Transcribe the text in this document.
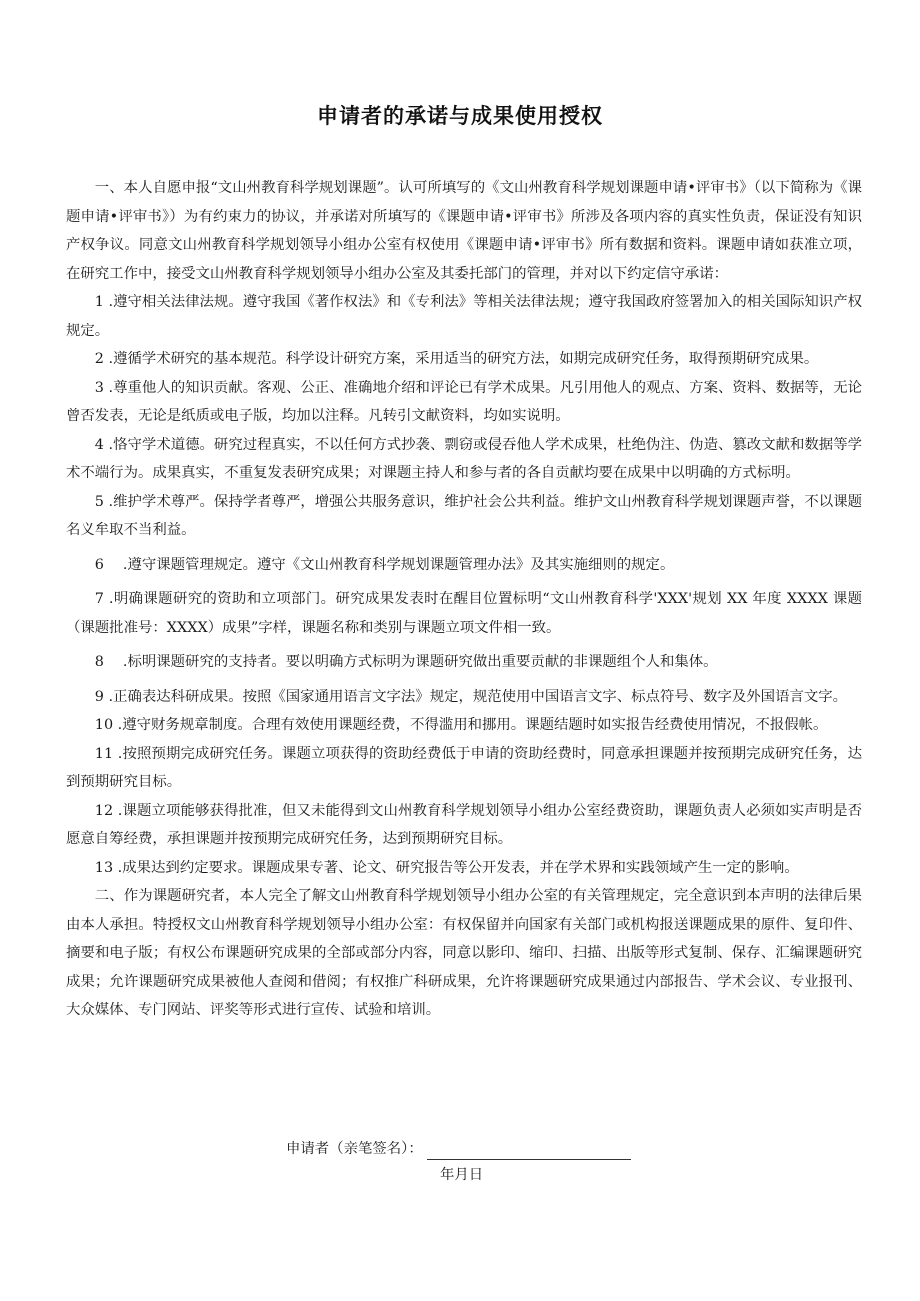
申请者的承诺与成果使用授权

一、本人自愿申报“文山州教育科学规划课题”。认可所填写的《文山州教育科学规划课题申请•评审书》（以下简称为《课题申请•评审书》）为有约束力的协议，并承诺对所填写的《课题申请•评审书》所涉及各项内容的真实性负责，保证没有知识产权争议。同意文山州教育科学规划领导小组办公室有权使用《课题申请•评审书》所有数据和资料。课题申请如获准立项，在研究工作中，接受文山州教育科学规划领导小组办公室及其委托部门的管理，并对以下约定信守承诺：

1 .遵守相关法律法规。遵守我国《著作权法》和《专利法》等相关法律法规；遵守我国政府签署加入的相关国际知识产权规定。

2 .遵循学术研究的基本规范。科学设计研究方案，采用适当的研究方法，如期完成研究任务，取得预期研究成果。

3 .尊重他人的知识贡献。客观、公正、准确地介绍和评论已有学术成果。凡引用他人的观点、方案、资料、数据等，无论曾否发表，无论是纸质或电子版，均加以注释。凡转引文献资料，均如实说明。

4 .恪守学术道德。研究过程真实，不以任何方式抄袭、剽窃或侵吞他人学术成果，杜绝伪注、伪造、篡改文献和数据等学术不端行为。成果真实，不重复发表研究成果；对课题主持人和参与者的各自贡献均要在成果中以明确的方式标明。

5 .维护学术尊严。保持学者尊严，增强公共服务意识，维护社会公共利益。维护文山州教育科学规划课题声誉，不以课题名义牟取不当利益。

6 　.遵守课题管理规定。遵守《文山州教育科学规划课题管理办法》及其实施细则的规定。

7 .明确课题研究的资助和立项部门。研究成果发表时在醒目位置标明“文山州教育科学'XXX'规划 XX 年度 XXXX 课题（课题批准号：XXXX）成果”字样，课题名称和类别与课题立项文件相一致。

8 　.标明课题研究的支持者。要以明确方式标明为课题研究做出重要贡献的非课题组个人和集体。

9 .正确表达科研成果。按照《国家通用语言文字法》规定，规范使用中国语言文字、标点符号、数字及外国语言文字。

10 .遵守财务规章制度。合理有效使用课题经费，不得滥用和挪用。课题结题时如实报告经费使用情况，不报假帐。

11 .按照预期完成研究任务。课题立项获得的资助经费低于申请的资助经费时，同意承担课题并按预期完成研究任务，达到预期研究目标。

12 .课题立项能够获得批准，但又未能得到文山州教育科学规划领导小组办公室经费资助，课题负责人必须如实声明是否愿意自筹经费，承担课题并按预期完成研究任务，达到预期研究目标。

13 .成果达到约定要求。课题成果专著、论文、研究报告等公开发表，并在学术界和实践领域产生一定的影响。

二、作为课题研究者，本人完全了解文山州教育科学规划领导小组办公室的有关管理规定，完全意识到本声明的法律后果由本人承担。特授权文山州教育科学规划领导小组办公室：有权保留并向国家有关部门或机构报送课题成果的原件、复印件、摘要和电子版；有权公布课题研究成果的全部或部分内容，同意以影印、缩印、扫描、出版等形式复制、保存、汇编课题研究成果；允许课题研究成果被他人查阅和借阅；有权推广科研成果，允许将课题研究成果通过内部报告、学术会议、专业报刊、大众媒体、专门网站、评奖等形式进行宣传、试验和培训。

申请者（亲笔签名）：
年月日
